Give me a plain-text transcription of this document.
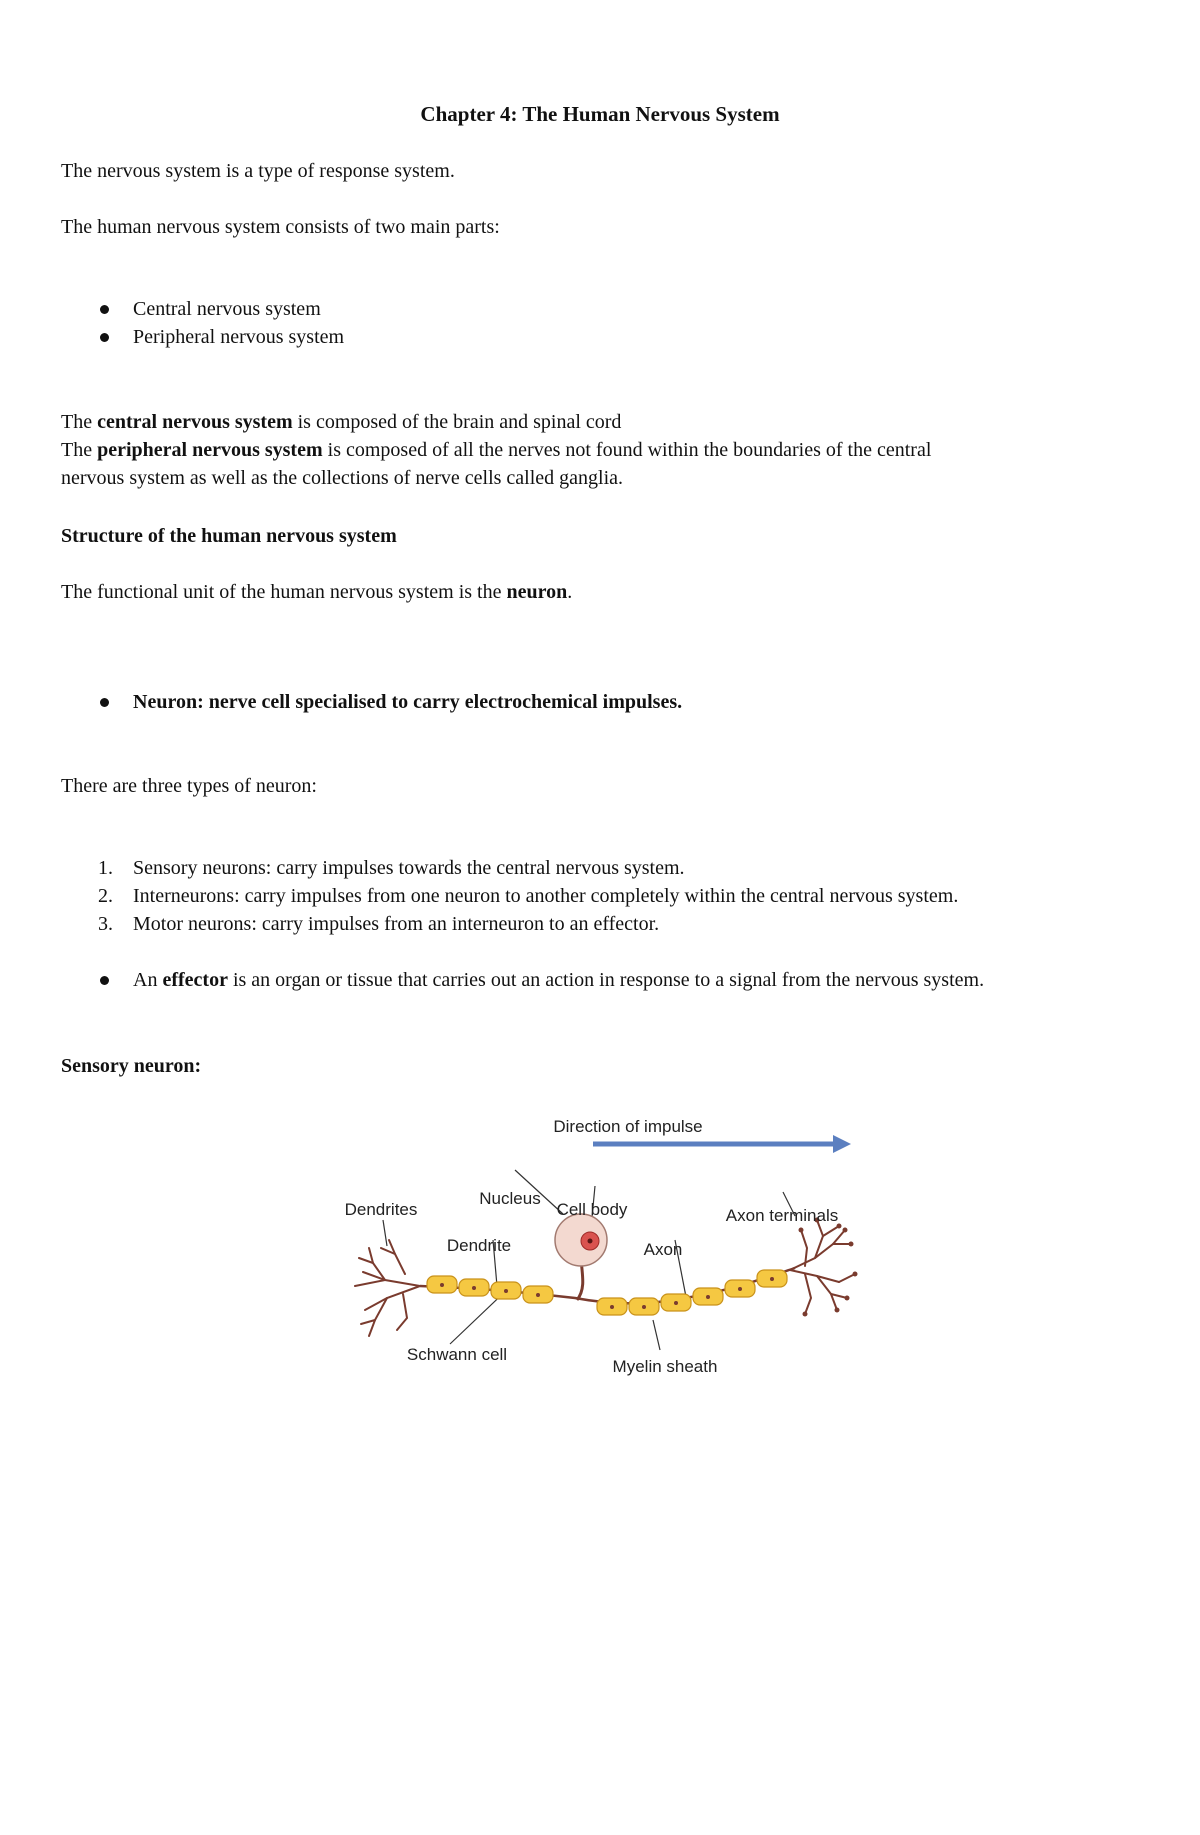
Chapter 4: The Human Nervous System
The nervous system is a type of response system.
The human nervous system consists of two main parts:
Central nervous system
Peripheral nervous system
The central nervous system is composed of the brain and spinal cord
The peripheral nervous system is composed of all the nerves not found within the boundaries of the central
nervous system as well as the collections of nerve cells called ganglia.
Structure of the human nervous system
The functional unit of the human nervous system is the neuron.
Neuron: nerve cell specialised to carry electrochemical impulses.
There are three types of neuron:
1. Sensory neurons: carry impulses towards the central nervous system.
2. Interneurons: carry impulses from one neuron to another completely within the central nervous system.
3. Motor neurons: carry impulses from an interneuron to an effector.
An effector is an organ or tissue that carries out an action in response to a signal from the nervous system.
Sensory neuron:
Direction of impulse
Dendrites
Nucleus
Cell body	Axon terminals
Dendrite	Axon
Schwann cell
Myelin sheath
